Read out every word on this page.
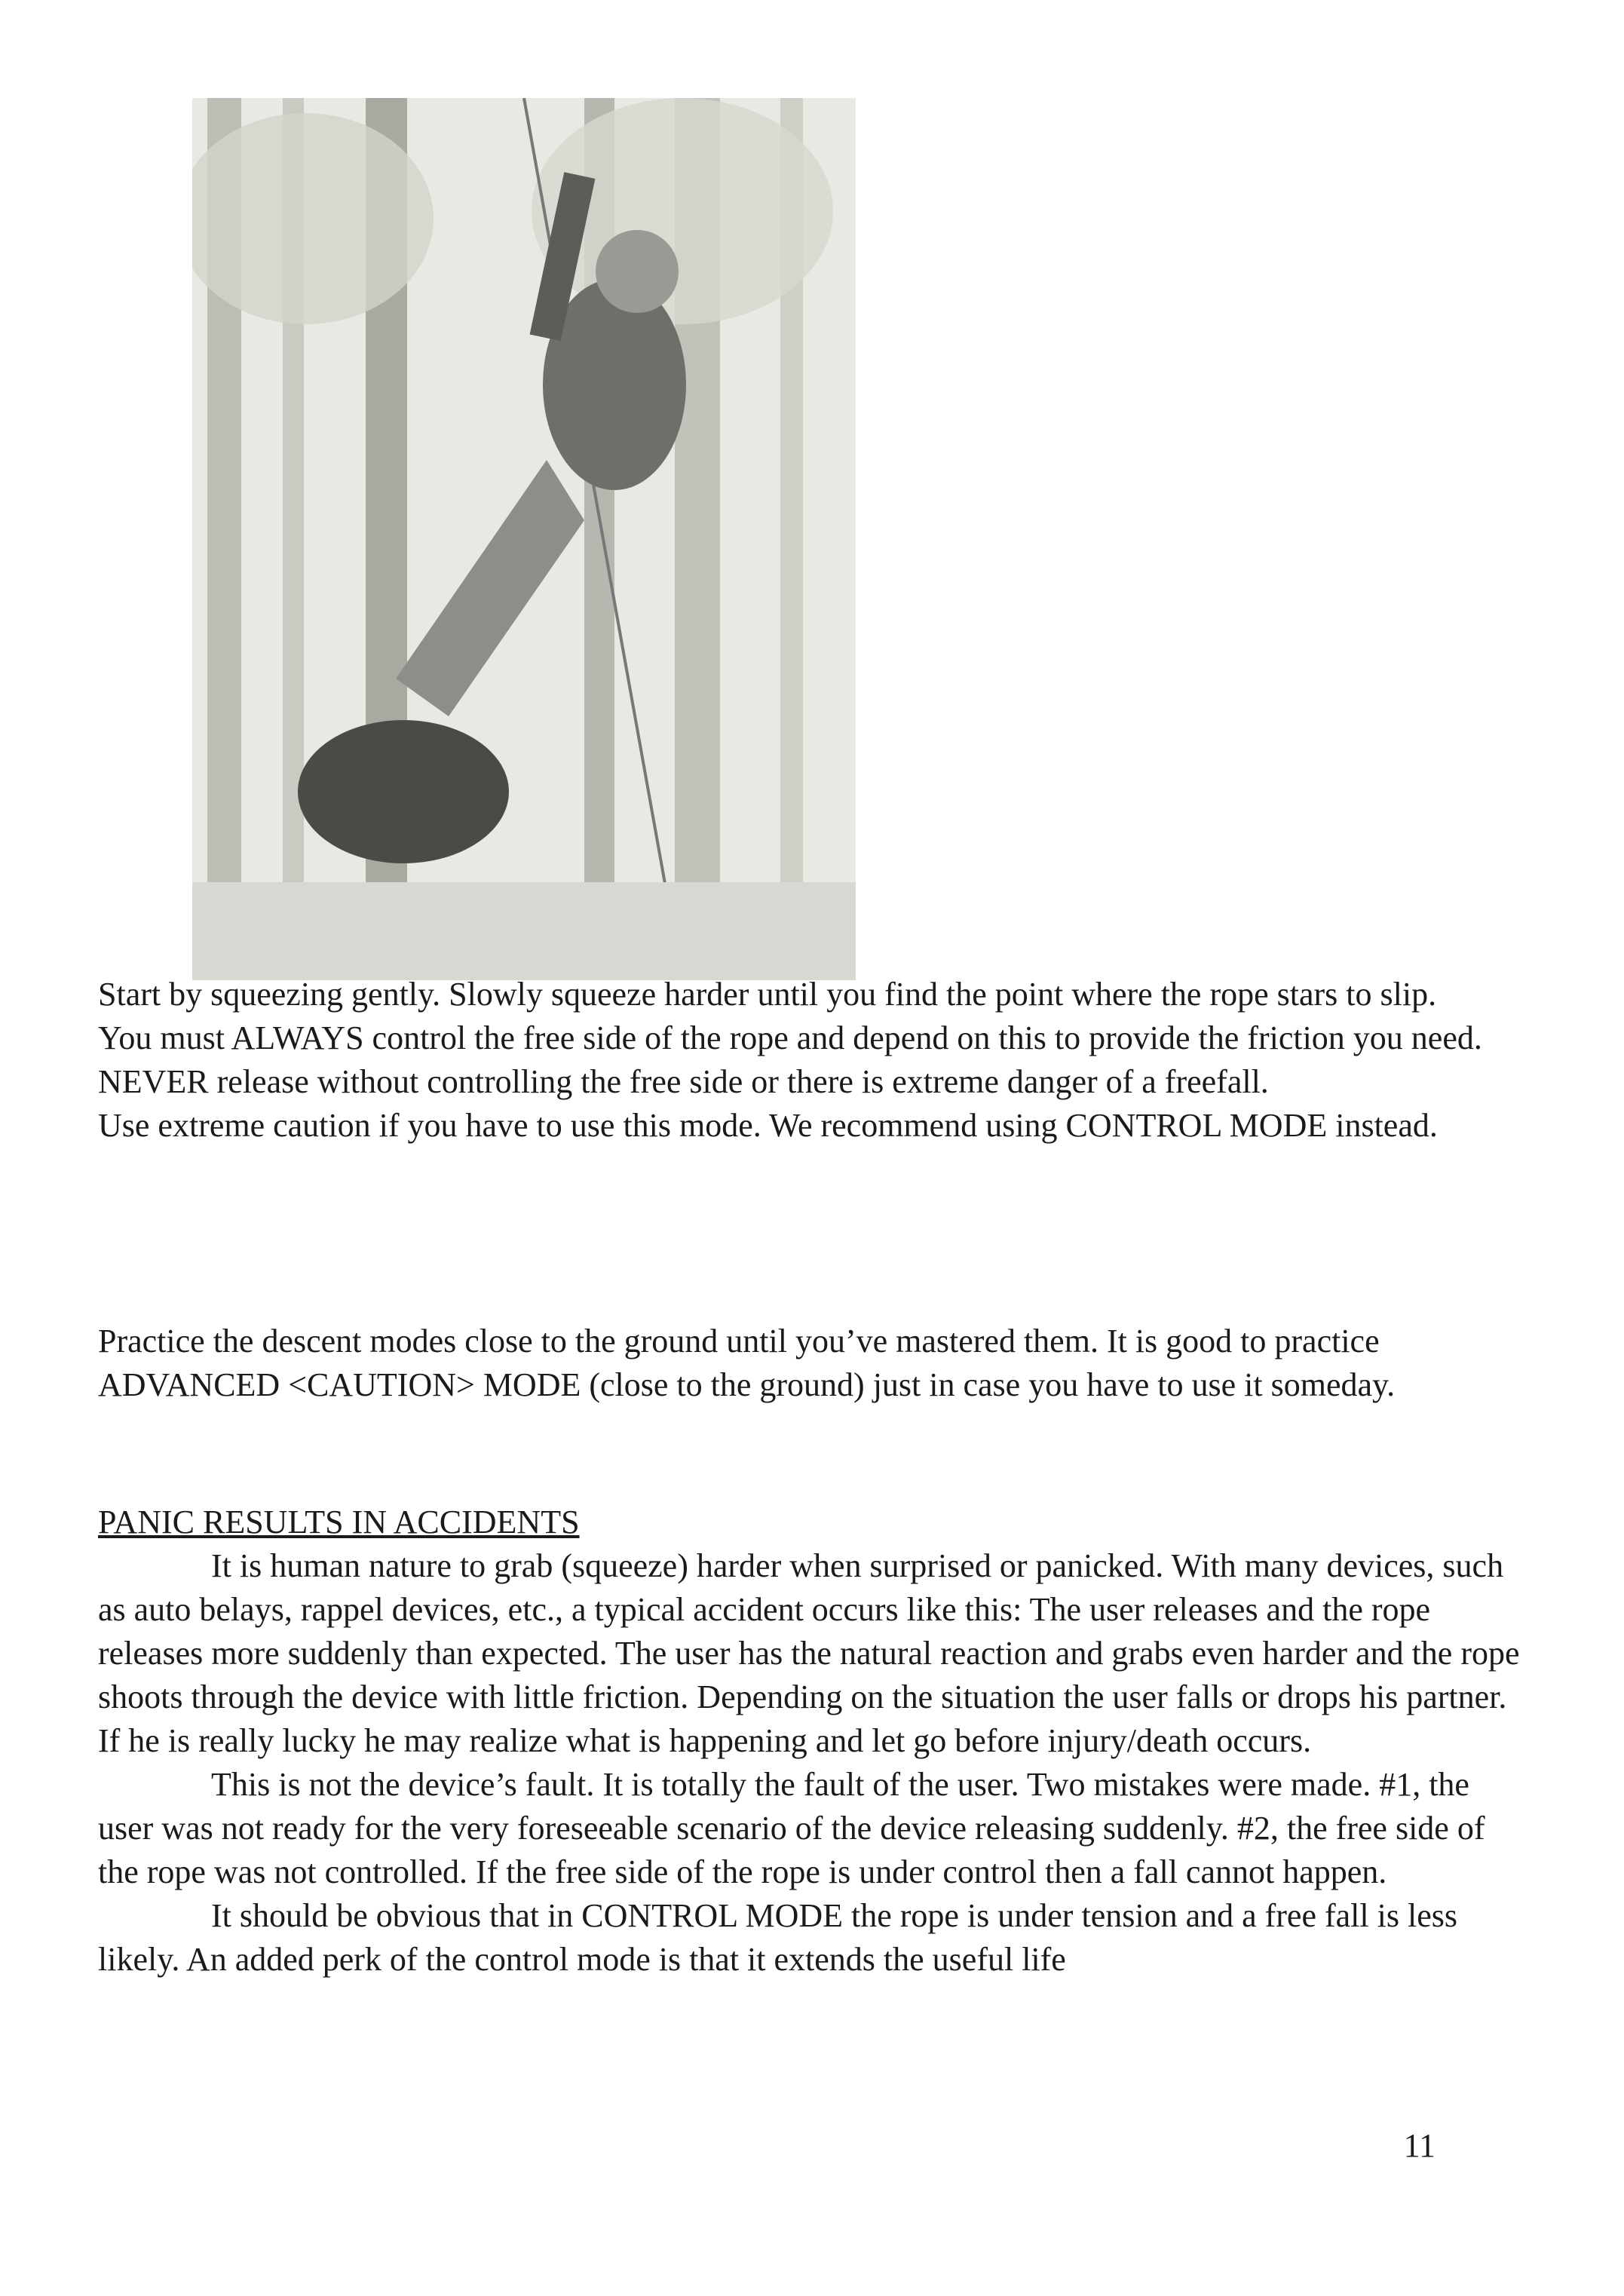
Start by squeezing gently. Slowly squeeze harder until you find the point where the rope stars to slip.

You must ALWAYS control the free side of the rope and depend on this to provide the friction you need. NEVER release without controlling the free side or there is extreme danger of a freefall.

Use extreme caution if you have to use this mode. We recommend using CONTROL MODE instead.

Practice the descent modes close to the ground until you’ve mastered them. It is good to practice ADVANCED <CAUTION> MODE (close to the ground) just in case you have to use it someday.

PANIC RESULTS IN ACCIDENTS

It is human nature to grab (squeeze) harder when surprised or panicked. With many devices, such as auto belays, rappel devices, etc., a typical accident occurs like this: The user releases and the rope releases more suddenly than expected. The user has the natural reaction and grabs even harder and the rope shoots through the device with little friction. Depending on the situation the user falls or drops his partner. If he is really lucky he may realize what is happening and let go before injury/death occurs.

This is not the device’s fault. It is totally the fault of the user. Two mistakes were made. #1, the user was not ready for the very foreseeable scenario of the device releasing suddenly. #2, the free side of the rope was not controlled. If the free side of the rope is under control then a fall cannot happen.

It should be obvious that in CONTROL MODE the rope is under tension and a free fall is less likely. An added perk of the control mode is that it extends the useful life

11
